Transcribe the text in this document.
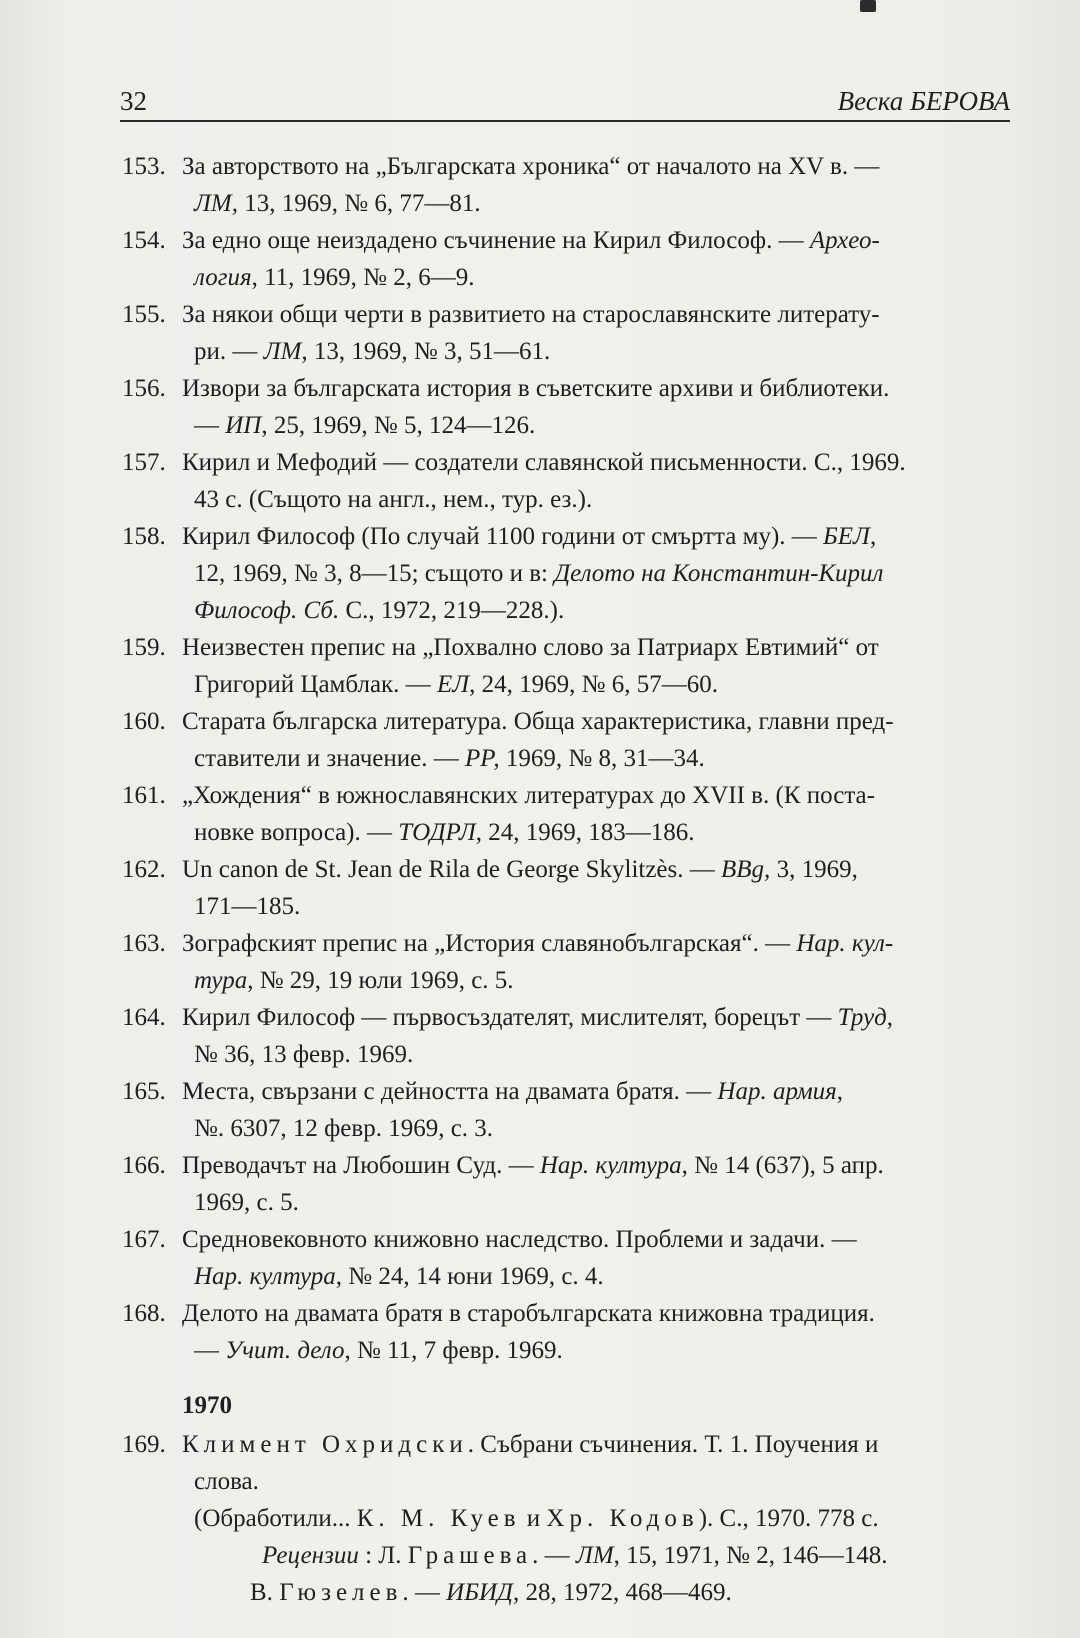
32	Веска БЕРОВА
153. За авторството на „Българската хроника“ от началото на XV в. —
ЛМ, 13, 1969, № 6, 77—81.
154. За едно още неиздадено съчинение на Кирил Философ. — Архео-
логия, 11, 1969, № 2, 6—9.
155. За някои общи черти в развитието на старославянските литерату-
ри. — ЛМ, 13, 1969, № 3, 51—61.
156. Извори за българската история в съветските архиви и библиотеки.
— ИП, 25, 1969, № 5, 124—126.
157. Кирил и Мефодий — создатели славянской письменности. С., 1969.
43 с. (Същото на англ., нем., тур. ез.).
158. Кирил Философ (По случай 1100 години от смъртта му). — БЕЛ,
12, 1969, № 3, 8—15; същото и в: Делото на Константин-Кирил
Философ. Сб. С., 1972, 219—228.).
159. Неизвестен препис на „Похвално слово за Патриарх Евтимий“ от
Григорий Цамблак. — ЕЛ, 24, 1969, № 6, 57—60.
160. Старата българска литература. Обща характеристика, главни пред-
ставители и значение. — РР, 1969, № 8, 31—34.
161. „Хождения“ в южнославянских литературах до XVII в. (К поста-
новке вопроса). — ТОДРЛ, 24, 1969, 183—186.
162. Un canon de St. Jean de Rila de George Skylitzès. — BBg, 3, 1969,
171—185.
163. Зографският препис на „История славянобългарская“. — Нар. кул-
тура, № 29, 19 юли 1969, с. 5.
164. Кирил Философ — първосъздателят, мислителят, борецът — Труд,
№ 36, 13 февр. 1969.
165. Места, свързани с дейността на двамата братя. — Нар. армия,
№. 6307, 12 февр. 1969, с. 3.
166. Преводачът на Любошин Суд. — Нар. култура, № 14 (637), 5 апр.
1969, с. 5.
167. Средновековното книжовно наследство. Проблеми и задачи. —
Нар. култура, № 24, 14 юни 1969, с. 4.
168. Делото на двамата братя в старобългарската книжовна традиция.
— Учит. дело, № 11, 7 февр. 1969.
1970
169. Климент Охридски. Събрани съчинения. Т. 1. Поучения и
слова.
(Обработили... К. М. Куев и Хр. Кодов). С., 1970. 778 с.
Рецензии : Л. Грашева. — ЛМ, 15, 1971, № 2, 146—148.
В. Гюзелев. — ИБИД, 28, 1972, 468—469.
